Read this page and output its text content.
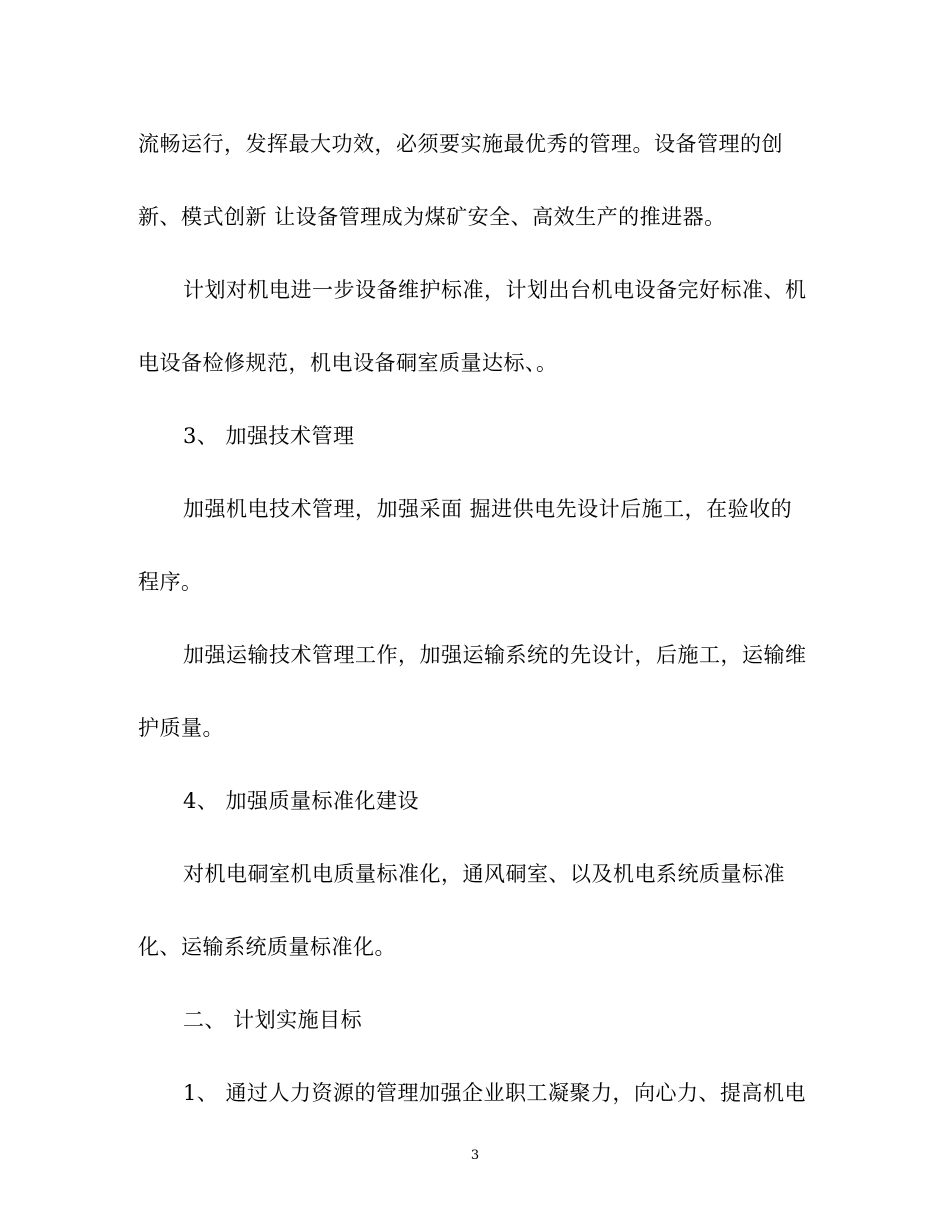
流畅运行，发挥最大功效，必须要实施最优秀的管理。设备管理的创
新、模式创新 让设备管理成为煤矿安全、高效生产的推进器。
计划对机电进一步设备维护标准，计划出台机电设备完好标准、机
电设备检修规范，机电设备硐室质量达标、。
3、 加强技术管理
加强机电技术管理，加强采面 掘进供电先设计后施工，在验收的
程序。
加强运输技术管理工作，加强运输系统的先设计，后施工，运输维
护质量。
4、 加强质量标准化建设
对机电硐室机电质量标准化，通风硐室、以及机电系统质量标准
化、运输系统质量标准化。
二、 计划实施目标
1、 通过人力资源的管理加强企业职工凝聚力，向心力、提高机电
3
